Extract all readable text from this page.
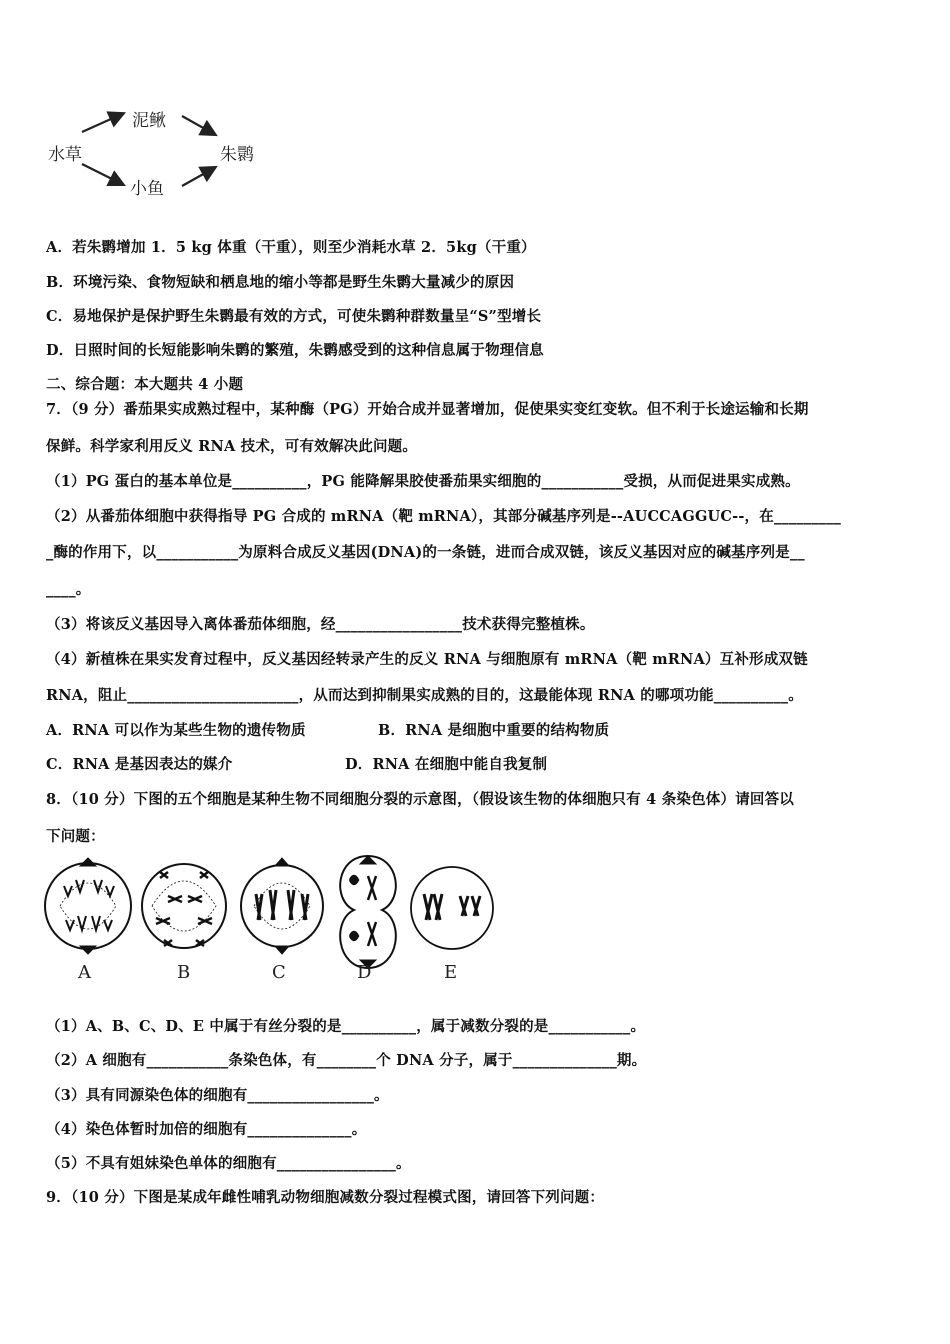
水草
泥鳅
小鱼
朱鹮
A．若朱鹮增加 1．5 kg 体重（干重），则至少消耗水草 2．5kg（干重）
B．环境污染、食物短缺和栖息地的缩小等都是野生朱鹮大量减少的原因
C．易地保护是保护野生朱鹮最有效的方式，可使朱鹮种群数量呈“S”型增长
D．日照时间的长短能影响朱鹮的繁殖，朱鹮感受到的这种信息属于物理信息
二、综合题：本大题共 4 小题
7．（9 分）番茄果实成熟过程中，某种酶（PG）开始合成并显著增加，促使果实变红变软。但不利于长途运输和长期
保鲜。科学家利用反义 RNA 技术，可有效解决此问题。
（1）PG 蛋白的基本单位是__________，PG 能降解果胶使番茄果实细胞的___________受损，从而促进果实成熟。
（2）从番茄体细胞中获得指导 PG 合成的 mRNA（靶 mRNA），其部分碱基序列是--AUCCAGGUC--，在_________
_酶的作用下，以___________为原料合成反义基因(DNA)的一条链，进而合成双链，该反义基因对应的碱基序列是__
____。
（3）将该反义基因导入离体番茄体细胞，经_________________技术获得完整植株。
（4）新植株在果实发育过程中，反义基因经转录产生的反义 RNA 与细胞原有 mRNA（靶 mRNA）互补形成双链
RNA，阻止_______________________，从而达到抑制果实成熟的目的，这最能体现 RNA 的哪项功能__________。
A．RNA 可以作为某些生物的遗传物质	B．RNA 是细胞中重要的结构物质
C．RNA 是基因表达的媒介	D．RNA 在细胞中能自我复制
8．（10 分）下图的五个细胞是某种生物不同细胞分裂的示意图，（假设该生物的体细胞只有 4 条染色体）请回答以
下问题：
A	B	C	D	E
（1）A、B、C、D、E 中属于有丝分裂的是__________，属于减数分裂的是___________。
（2）A 细胞有___________条染色体，有________个 DNA 分子，属于______________期。
（3）具有同源染色体的细胞有_________________。
（4）染色体暂时加倍的细胞有______________。
（5）不具有姐妹染色单体的细胞有________________。
9．（10 分）下图是某成年雌性哺乳动物细胞减数分裂过程模式图，请回答下列问题：
